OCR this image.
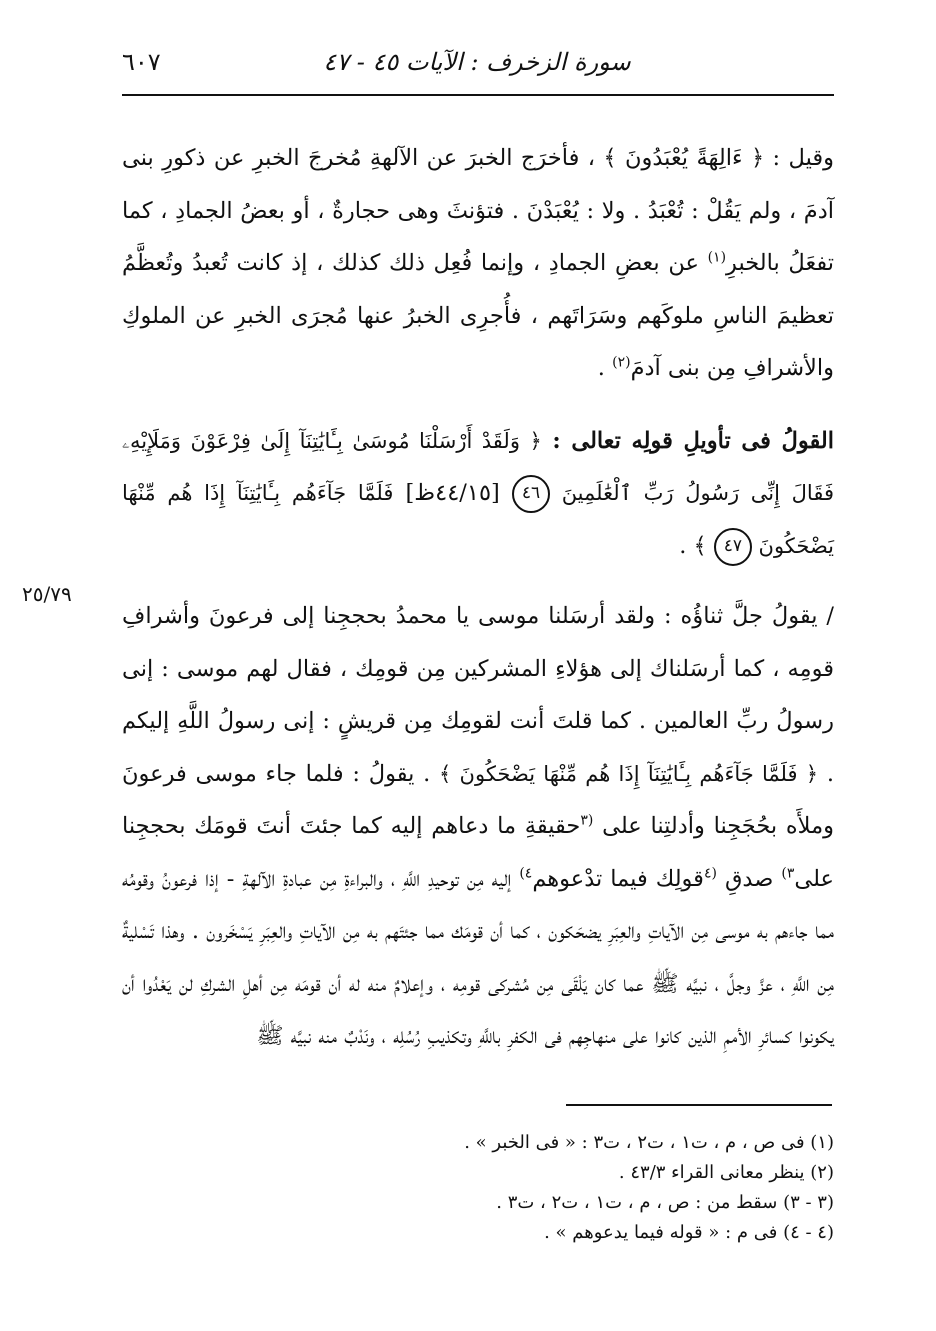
٦٠٧	سورة الزخرف : الآيات ٤٥ - ٤٧

وقيل : ﴿ ءَالِهَةً يُعْبَدُونَ ﴾ ، فأخرَج الخبرَ عن الآلهةِ مُخرجَ الخبرِ عن ذكورِ بنى آدمَ ، ولم يَقُلْ : تُعْبَدُ . ولا : يُعْبَدْنَ . فتؤنثَ وهى حجارةٌ ، أو بعضُ الجمادِ ، كما تفعَلُ بالخبرِ$^{(١)}$ عن بعضِ الجمادِ ، وإنما فُعِل ذلك كذلك ، إذ كانت تُعبدُ وتُعظَّمُ تعظيمَ الناسِ ملوكَهم وسَرَاتَهم ، فأُجرِى الخبرُ عنها مُجرَى الخبرِ عن الملوكِ والأشرافِ مِن بنى آدمَ$^{(٢)}$ .

القولُ فى تأويلِ قولِه تعالى : ﴿ وَلَقَدْ أَرْسَلْنَا مُوسَىٰ بِـَٔايَٰتِنَآ إِلَىٰ فِرْعَوْنَ وَمَلَإِيْهِۦ فَقَالَ إِنِّى رَسُولُ رَبِّ ٱلْعَٰلَمِينَ ٤٦ [٤٤/١٥ظ] فَلَمَّا جَآءَهُم بِـَٔايَٰتِنَآ إِذَا هُم مِّنْهَا يَضْحَكُونَ ٤٧ ﴾ .

/ يقولُ جلَّ ثناؤُه : ولقد أرسَلنا موسى يا محمدُ بحججِنا إلى فرعونَ وأشرافِ قومِه ، كما أرسَلناك إلى هؤلاءِ المشركين مِن قومِك ، فقال لهم موسى : إنى رسولُ ربِّ العالمين . كما قلتَ أنت لقومِك مِن قريشٍ : إنى رسولُ اللَّهِ إليكم . ﴿ فَلَمَّا جَآءَهُم بِـَٔايَٰتِنَآ إِذَا هُم مِّنْهَا يَضْحَكُونَ ﴾ . يقولُ : فلما جاء موسى فرعونَ وملأَه بحُجَجِنا وأدلتِنا على $^{(٣}$حقيقةِ ما دعاهم إليه كما جئتَ أنتَ قومَك بحججِنا على$^{٣)}$ صدقِ $^{(٤}$قولِك فيما تدْعوهم$^{٤)}$ إليه مِن توحيدِ اللَّهِ ، والبراءةِ مِن عبادةِ الآلهةِ - إذا فرعونُ وقومُه مما جاءهم به موسى مِن الآياتِ والعِبَرِ يضحَكون ، كما أن قومَك مما جئتَهم به مِن الآياتِ والعِبَرِ يَسْخَرون . وهذا تَسْليةٌ مِن اللَّهِ ، عزَّ وجلَّ ، نبيَّه ﷺ عما كان يَلْقَى مِن مُشركى قومِه ، وإعلامٌ منه له أن قومَه مِن أهلِ الشركِ لن يَعْدُوا أن يكونوا كسائرِ الأممِ الذين كانوا على منهاجِهم فى الكفرِ باللَّهِ وتكذيبِ رُسُلِه ، ونَدْبٌ منه نبيَّه ﷺ

٢٥/٧٩

(١) فى ص ، م ، ت١ ، ت٢ ، ت٣ : « فى الخبر » .

(٢) ينظر معانى القراء ٤٣/٣ .

(٣ - ٣) سقط من : ص ، م ، ت١ ، ت٢ ، ت٣ .

(٤ - ٤) فى م : « قوله فيما يدعوهم » .
